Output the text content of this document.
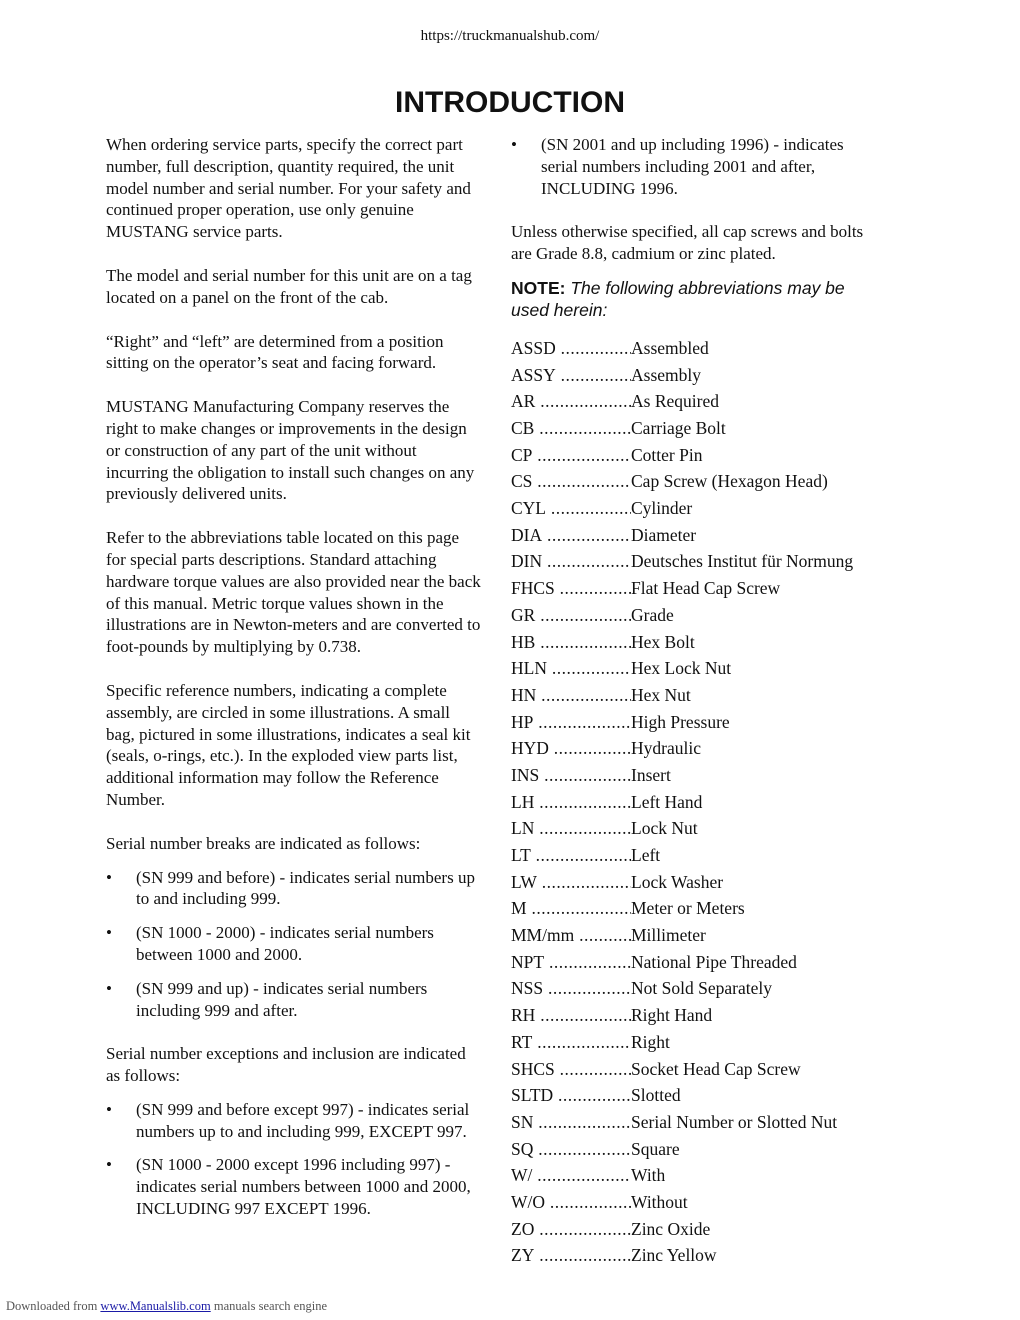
https://truckmanualshub.com/
INTRODUCTION

When ordering service parts, specify the correct part number, full description, quantity required, the unit model number and serial number. For your safety and continued proper operation, use only genuine MUSTANG service parts.

The model and serial number for this unit are on a tag located on a panel on the front of the cab.

“Right” and “left” are determined from a position sitting on the operator’s seat and facing forward.

MUSTANG Manufacturing Company reserves the right to make changes or improvements in the design or construction of any part of the unit without incurring the obligation to install such changes on any previously delivered units.

Refer to the abbreviations table located on this page for special parts descriptions. Standard attaching hardware torque values are also provided near the back of this manual. Metric torque values shown in the illustrations are in Newton-meters and are converted to foot-pounds by multiplying by 0.738.

Specific reference numbers, indicating a complete assembly, are circled in some illustrations. A small bag, pictured in some illustrations, indicates a seal kit (seals, o-rings, etc.). In the exploded view parts list, additional information may follow the Reference Number.

Serial number breaks are indicated as follows:

•	(SN 999 and before) - indicates serial numbers up to and including 999.
•	(SN 1000 - 2000) - indicates serial numbers between 1000 and 2000.
•	(SN 999 and up) - indicates serial numbers including 999 and after.

Serial number exceptions and inclusion are indicated as follows:

•	(SN 999 and before except 997) - indicates serial numbers up to and including 999, EXCEPT 997.
•	(SN 1000 - 2000 except 1996 including 997) - indicates serial numbers between 1000 and 2000, INCLUDING 997 EXCEPT 1996.
•	(SN 2001 and up including 1996) - indicates serial numbers including 2001 and after, INCLUDING 1996.

Unless otherwise specified, all cap screws and bolts are Grade 8.8, cadmium or zinc plated.

NOTE: The following abbreviations may be used herein:

ASSD .....	Assembled
ASSY .....	Assembly
AR .....	As Required
CB .....	Carriage Bolt
CP .....	Cotter Pin
CS .....	Cap Screw (Hexagon Head)
CYL .....	Cylinder
DIA .....	Diameter
DIN .....	Deutsches Institut für Normung
FHCS .....	Flat Head Cap Screw
GR .....	Grade
HB .....	Hex Bolt
HLN .....	Hex Lock Nut
HN .....	Hex Nut
HP .....	High Pressure
HYD .....	Hydraulic
INS .....	Insert
LH .....	Left Hand
LN .....	Lock Nut
LT .....	Left
LW .....	Lock Washer
M .....	Meter or Meters
MM/mm .....	Millimeter
NPT .....	National Pipe Threaded
NSS .....	Not Sold Separately
RH .....	Right Hand
RT .....	Right
SHCS .....	Socket Head Cap Screw
SLTD .....	Slotted
SN .....	Serial Number or Slotted Nut
SQ .....	Square
W/ .....	With
W/O .....	Without
ZO .....	Zinc Oxide
ZY .....	Zinc Yellow
Downloaded from www.Manualslib.com manuals search engine
